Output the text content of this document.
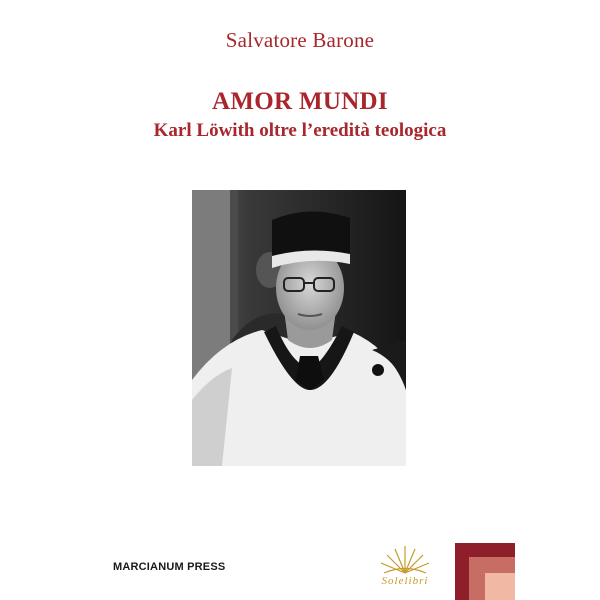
Salvatore Barone
AMOR MUNDI
Karl Löwith oltre l’eredità teologica
MARCIANUM PRESS
Solelibri
